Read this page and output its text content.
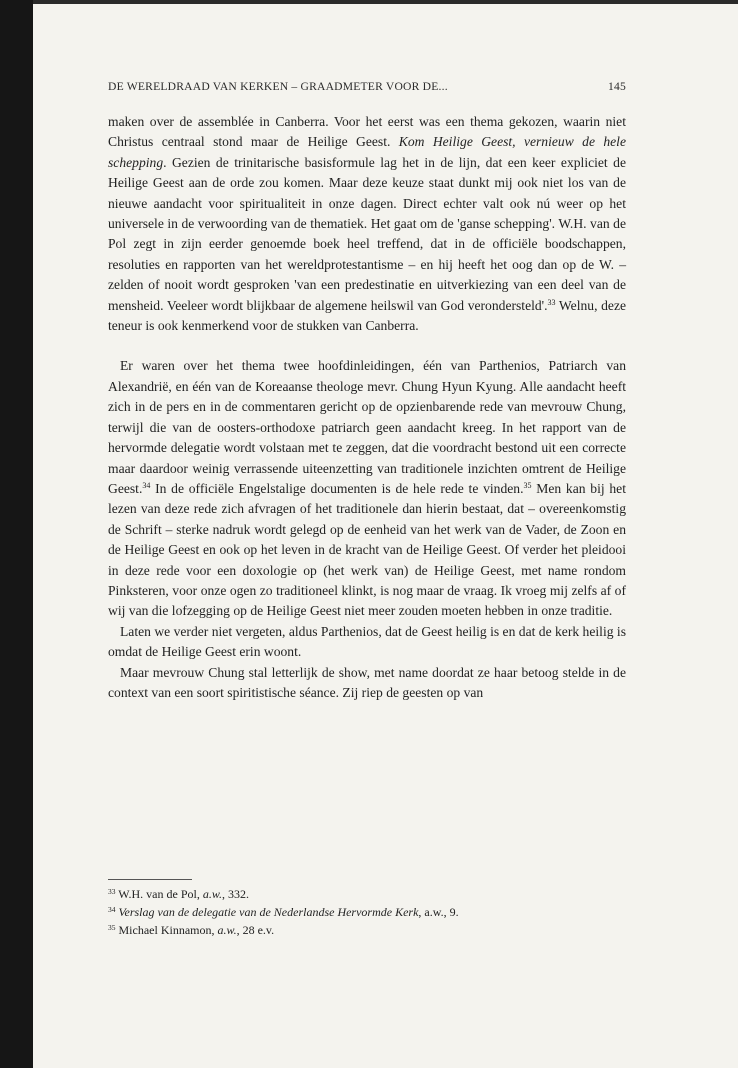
DE WERELDRAAD VAN KERKEN – GRAADMETER VOOR DE...	145

maken over de assemblée in Canberra. Voor het eerst was een thema gekozen, waarin niet Christus centraal stond maar de Heilige Geest. Kom Heilige Geest, vernieuw de hele schepping. Gezien de trinitarische basisformule lag het in de lijn, dat een keer expliciet de Heilige Geest aan de orde zou komen. Maar deze keuze staat dunkt mij ook niet los van de nieuwe aandacht voor spiritualiteit in onze dagen. Direct echter valt ook nú weer op het universele in de verwoording van de thematiek. Het gaat om de 'ganse schepping'. W.H. van de Pol zegt in zijn eerder genoemde boek heel treffend, dat in de officiële boodschappen, resoluties en rapporten van het wereldprotestantisme – en hij heeft het oog dan op de W. – zelden of nooit wordt gesproken 'van een predestinatie en uitverkiezing van een deel van de mensheid. Veeleer wordt blijkbaar de algemene heilswil van God verondersteld'.$^{33}$ Welnu, deze teneur is ook kenmerkend voor de stukken van Canberra.

Er waren over het thema twee hoofdinleidingen, één van Parthenios, Patriarch van Alexandrië, en één van de Koreaanse theologe mevr. Chung Hyun Kyung. Alle aandacht heeft zich in de pers en in de commentaren gericht op de opzienbarende rede van mevrouw Chung, terwijl die van de oosters-orthodoxe patriarch geen aandacht kreeg. In het rapport van de hervormde delegatie wordt volstaan met te zeggen, dat die voordracht bestond uit een correcte maar daardoor weinig verrassende uiteenzetting van traditionele inzichten omtrent de Heilige Geest.$^{34}$ In de officiële Engelstalige documenten is de hele rede te vinden.$^{35}$ Men kan bij het lezen van deze rede zich afvragen of het traditionele dan hierin bestaat, dat – overeenkomstig de Schrift – sterke nadruk wordt gelegd op de eenheid van het werk van de Vader, de Zoon en de Heilige Geest en ook op het leven in de kracht van de Heilige Geest. Of verder het pleidooi in deze rede voor een doxologie op (het werk van) de Heilige Geest, met name rondom Pinksteren, voor onze ogen zo traditioneel klinkt, is nog maar de vraag. Ik vroeg mij zelfs af of wij van die lofzegging op de Heilige Geest niet meer zouden moeten hebben in onze traditie.

Laten we verder niet vergeten, aldus Parthenios, dat de Geest heilig is en dat de kerk heilig is omdat de Heilige Geest erin woont.

Maar mevrouw Chung stal letterlijk de show, met name doordat ze haar betoog stelde in de context van een soort spiritistische séance. Zij riep de geesten op van

$^{33}$ W.H. van de Pol, a.w., 332.
$^{34}$ Verslag van de delegatie van de Nederlandse Hervormde Kerk, a.w., 9.
$^{35}$ Michael Kinnamon, a.w., 28 e.v.
